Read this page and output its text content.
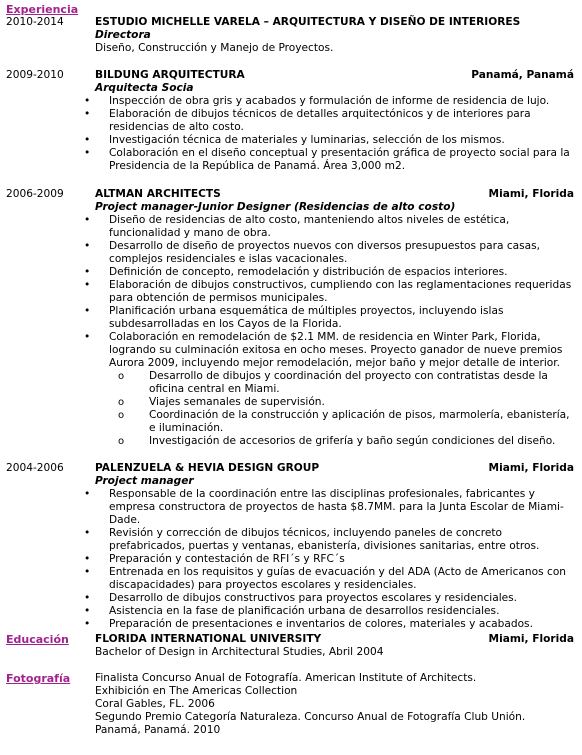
Experiencia
2010-2014	ESTUDIO MICHELLE VARELA – ARQUITECTURA Y DISEÑO DE INTERIORES
Directora
Diseño, Construcción y Manejo de Proyectos.
2009-2010	BILDUNG ARQUITECTURA	Panamá, Panamá
Arquitecta Socia
• Inspección de obra gris y acabados y formulación de informe de residencia de lujo.
• Elaboración de dibujos técnicos de detalles arquitectónicos y de interiores para residencias de alto costo.
• Investigación técnica de materiales y luminarias, selección de los mismos.
• Colaboración en el diseño conceptual y presentación gráfica de proyecto social para la Presidencia de la República de Panamá. Área 3,000 m2.
2006-2009	ALTMAN ARCHITECTS	Miami, Florida
Project manager-Junior Designer (Residencias de alto costo)
• Diseño de residencias de alto costo, manteniendo altos niveles de estética, funcionalidad y mano de obra.
• Desarrollo de diseño de proyectos nuevos con diversos presupuestos para casas, complejos residenciales e islas vacacionales.
• Definición de concepto, remodelación y distribución de espacios interiores.
• Elaboración de dibujos constructivos, cumpliendo con las reglamentaciones requeridas para obtención de permisos municipales.
• Planificación urbana esquemática de múltiples proyectos, incluyendo islas subdesarrolladas en los Cayos de la Florida.
• Colaboración en remodelación de $2.1 MM. de residencia en Winter Park, Florida, logrando su culminación exitosa en ocho meses. Proyecto ganador de nueve premios Aurora 2009, incluyendo mejor remodelación, mejor baño y mejor detalle de interior.
o Desarrollo de dibujos y coordinación del proyecto con contratistas desde la oficina central en Miami.
o Viajes semanales de supervisión.
o Coordinación de la construcción y aplicación de pisos, marmolería, ebanistería, e iluminación.
o Investigación de accesorios de grifería y baño según condiciones del diseño.
2004-2006	PALENZUELA & HEVIA DESIGN GROUP	Miami, Florida
Project manager
• Responsable de la coordinación entre las disciplinas profesionales, fabricantes y empresa constructora de proyectos de hasta $8.7MM. para la Junta Escolar de Miami-Dade.
• Revisión y corrección de dibujos técnicos, incluyendo paneles de concreto prefabricados, puertas y ventanas, ebanistería, divisiones sanitarias, entre otros.
• Preparación y contestación de RFI´s y RFC´s
• Entrenada en los requisitos y guías de evacuación y del ADA (Acto de Americanos con discapacidades) para proyectos escolares y residenciales.
• Desarrollo de dibujos constructivos para proyectos escolares y residenciales.
• Asistencia en la fase de planificación urbana de desarrollos residenciales.
• Preparación de presentaciones e inventarios de colores, materiales y acabados.
Educación FLORIDA INTERNATIONAL UNIVERSITY	Miami, Florida
Bachelor of Design in Architectural Studies, Abril 2004
Fotografía Finalista Concurso Anual de Fotografía. American Institute of Architects.
Exhibición en The Americas Collection
Coral Gables, FL. 2006
Segundo Premio Categoría Naturaleza. Concurso Anual de Fotografía Club Unión.
Panamá, Panamá. 2010
